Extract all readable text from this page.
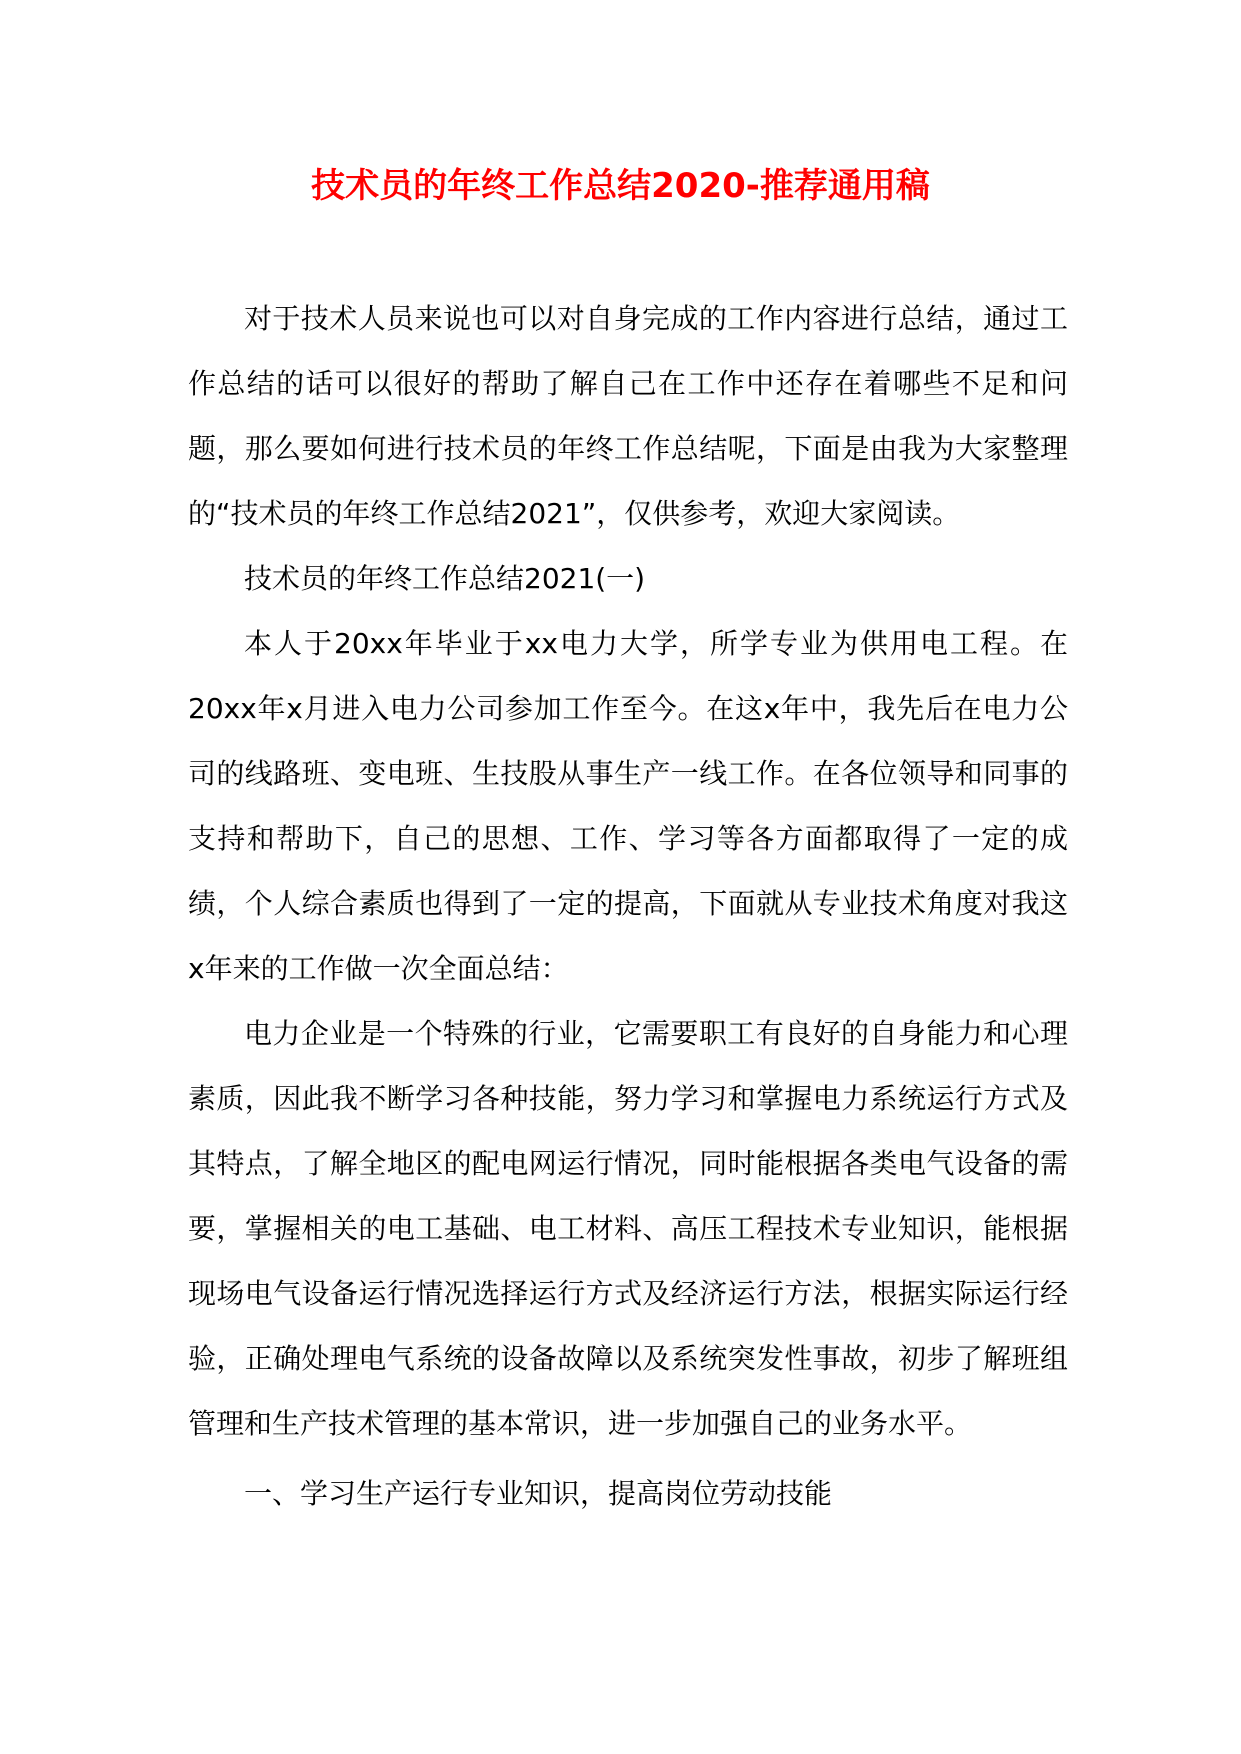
技术员的年终工作总结2020-推荐通用稿

对于技术人员来说也可以对自身完成的工作内容进行总结，通过工作总结的话可以很好的帮助了解自己在工作中还存在着哪些不足和问题，那么要如何进行技术员的年终工作总结呢，下面是由我为大家整理的“技术员的年终工作总结2021”，仅供参考，欢迎大家阅读。

技术员的年终工作总结2021(一)

本人于20xx年毕业于xx电力大学，所学专业为供用电工程。在20xx年x月进入电力公司参加工作至今。在这x年中，我先后在电力公司的线路班、变电班、生技股从事生产一线工作。在各位领导和同事的支持和帮助下，自己的思想、工作、学习等各方面都取得了一定的成绩，个人综合素质也得到了一定的提高，下面就从专业技术角度对我这x年来的工作做一次全面总结：

电力企业是一个特殊的行业，它需要职工有良好的自身能力和心理素质，因此我不断学习各种技能，努力学习和掌握电力系统运行方式及其特点，了解全地区的配电网运行情况，同时能根据各类电气设备的需要，掌握相关的电工基础、电工材料、高压工程技术专业知识，能根据现场电气设备运行情况选择运行方式及经济运行方法，根据实际运行经验，正确处理电气系统的设备故障以及系统突发性事故，初步了解班组管理和生产技术管理的基本常识，进一步加强自己的业务水平。

一、学习生产运行专业知识，提高岗位劳动技能
